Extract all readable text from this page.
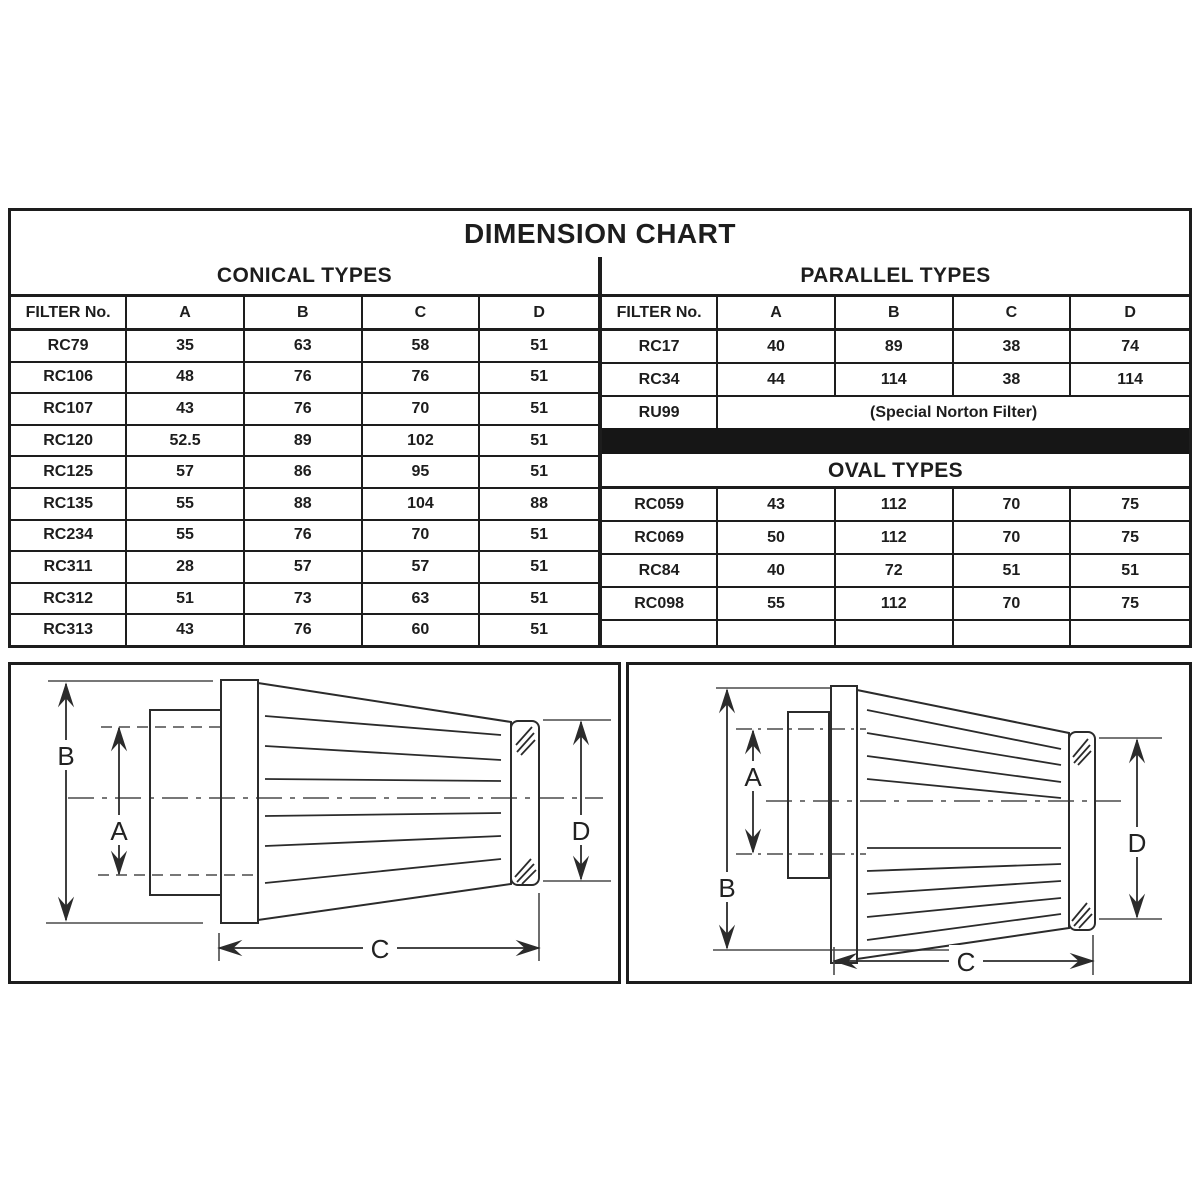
DIMENSION CHART
CONICAL TYPES
FILTER No.	A	B	C	D
RC79	35	63	58	51
RC106	48	76	76	51
RC107	43	76	70	51
RC120	52.5	89	102	51
RC125	57	86	95	51
RC135	55	88	104	88
RC234	55	76	70	51
RC311	28	57	57	51
RC312	51	73	63	51
RC313	43	76	60	51
PARALLEL TYPES
FILTER No.	A	B	C	D
RC17	40	89	38	74
RC34	44	114	38	114
RU99	(Special Norton Filter)
OVAL TYPES
RC059	43	112	70	75
RC069	50	112	70	75
RC84	40	72	51	51
RC098	55	112	70	75
B
A	D
C
A
B
D
C
